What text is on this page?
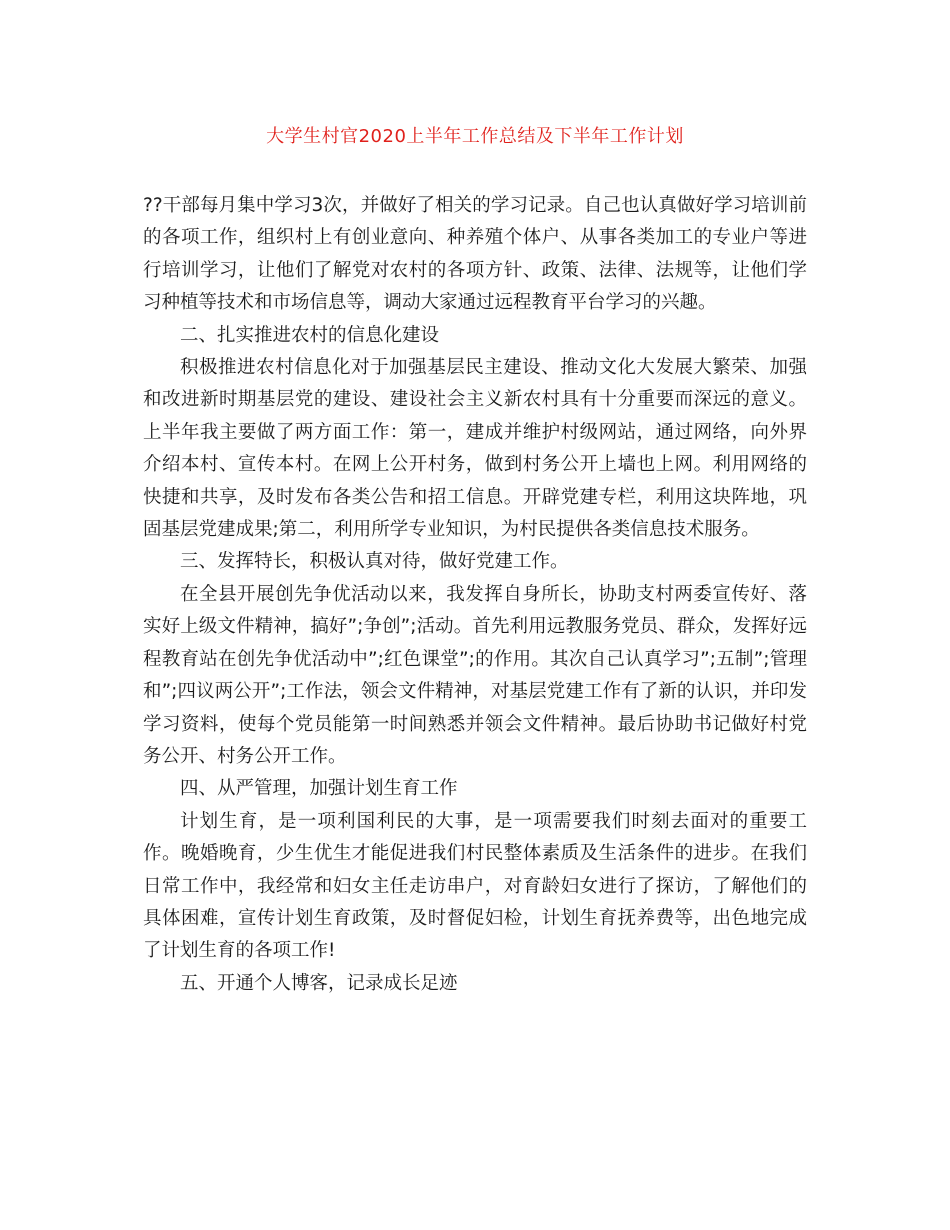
大学生村官2020上半年工作总结及下半年工作计划

??干部每月集中学习3次，并做好了相关的学习记录。自己也认真做好学习培训前的各项工作，组织村上有创业意向、种养殖个体户、从事各类加工的专业户等进行培训学习，让他们了解党对农村的各项方针、政策、法律、法规等，让他们学习种植等技术和市场信息等，调动大家通过远程教育平台学习的兴趣。

二、扎实推进农村的信息化建设

积极推进农村信息化对于加强基层民主建设、推动文化大发展大繁荣、加强和改进新时期基层党的建设、建设社会主义新农村具有十分重要而深远的意义。上半年我主要做了两方面工作：第一，建成并维护村级网站，通过网络，向外界介绍本村、宣传本村。在网上公开村务，做到村务公开上墙也上网。利用网络的快捷和共享，及时发布各类公告和招工信息。开辟党建专栏，利用这块阵地，巩固基层党建成果;第二，利用所学专业知识，为村民提供各类信息技术服务。

三、发挥特长，积极认真对待，做好党建工作。

在全县开展创先争优活动以来，我发挥自身所长，协助支村两委宣传好、落实好上级文件精神，搞好”;争创”;活动。首先利用远教服务党员、群众，发挥好远程教育站在创先争优活动中”;红色课堂”;的作用。其次自己认真学习”;五制”;管理和”;四议两公开”;工作法，领会文件精神，对基层党建工作有了新的认识，并印发学习资料，使每个党员能第一时间熟悉并领会文件精神。最后协助书记做好村党务公开、村务公开工作。

四、从严管理，加强计划生育工作

计划生育，是一项利国利民的大事，是一项需要我们时刻去面对的重要工作。晚婚晚育，少生优生才能促进我们村民整体素质及生活条件的进步。在我们日常工作中，我经常和妇女主任走访串户，对育龄妇女进行了探访，了解他们的具体困难，宣传计划生育政策，及时督促妇检，计划生育抚养费等，出色地完成了计划生育的各项工作!

五、开通个人博客，记录成长足迹
